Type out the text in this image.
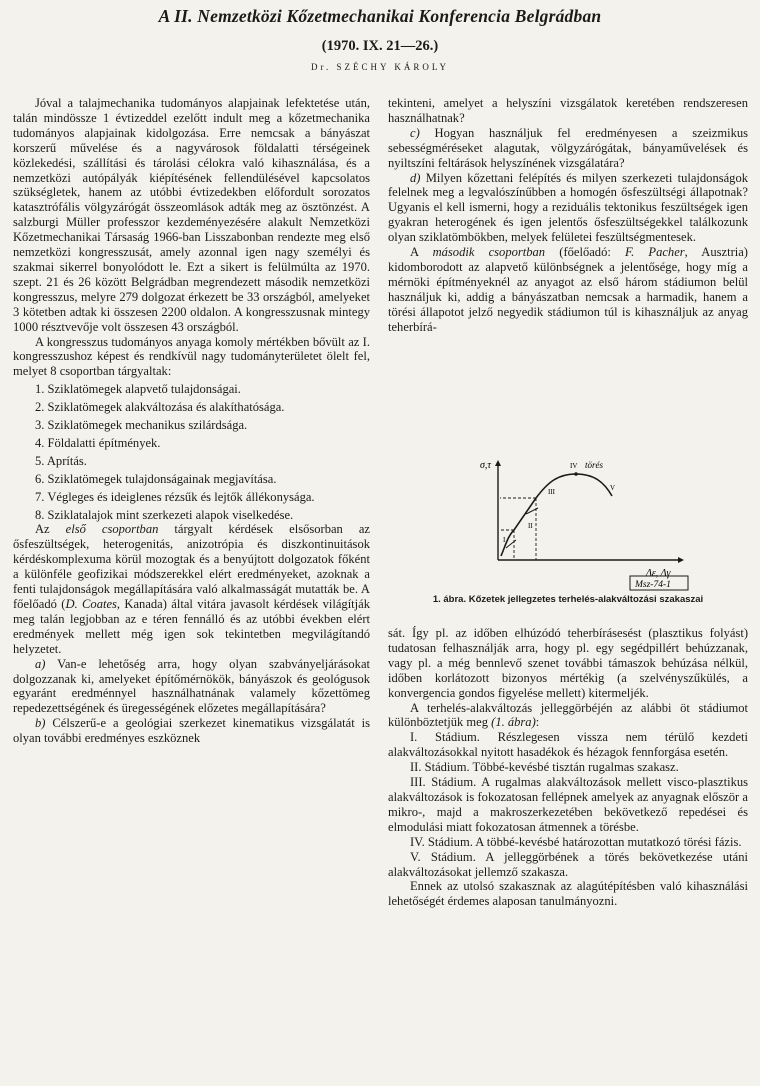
A II. Nemzetközi Kőzetmechanikai Konferencia Belgrádban
(1970. IX. 21—26.)
Dr. SZÉCHY KÁROLY

Jóval a talajmechanika tudományos alapjainak lefektetése után, talán mindössze 1 évtizeddel ezelőtt indult meg a kőzetmechanika tudományos alapjainak kidolgozása. Erre nemcsak a bányászat korszerű művelése és a nagyvárosok földalatti térségeinek közlekedési, szállítási és tárolási célokra való kihasználása, és a nemzetközi autópályák kiépítésének fellendülésével kapcsolatos szükségletek, hanem az utóbbi évtizedekben előfordult sorozatos katasztrófális völgyzárógát összeomlások adták meg az ösztönzést. A salzburgi Müller professzor kezdeményezésére alakult Nemzetközi Kőzetmechanikai Társaság 1966-ban Lisszabonban rendezte meg első nemzetközi kongresszusát, amely azonnal igen nagy személyi és szakmai sikerrel bonyolódott le. Ezt a sikert is felülmúlta az 1970. szept. 21 és 26 között Belgrádban megrendezett második nemzetközi kongresszus, melyre 279 dolgozat érkezett be 33 országból, amelyeket 3 kötetben adtak ki összesen 2200 oldalon. A kongresszusnak mintegy 1000 résztvevője volt összesen 43 országból.

A kongresszus tudományos anyaga komoly mértékben bővült az I. kongresszushoz képest és rendkívül nagy tudományterületet ölelt fel, melyet 8 csoportban tárgyaltak:

1. Sziklatömegek alapvető tulajdonságai.

2. Sziklatömegek alakváltozása és alakíthatósága.

3. Sziklatömegek mechanikus szilárdsága.

4. Földalatti építmények.

5. Aprítás.

6. Sziklatömegek tulajdonságainak megjavítása.

7. Végleges és ideiglenes rézsűk és lejtők állékonysága.

8. Sziklatalajok mint szerkezeti alapok viselkedése.

Az első csoportban tárgyalt kérdések elsősorban az ősfeszültségek, heterogenitás, anizotrópia és diszkontinuitások kérdéskomplexuma körül mozogtak és a benyújtott dolgozatok főként a különféle geofizikai módszerekkel elért eredményeket, azoknak a fenti tulajdonságok megállapítására való alkalmasságát mutatták be. A főelőadó (D. Coates, Kanada) által vitára javasolt kérdések világítják meg talán legjobban az e téren fennálló és az utóbbi években elért eredmények mellett még igen sok tekintetben megvilágítandó helyzetet.

a) Van-e lehetőség arra, hogy olyan szabványeljárásokat dolgozzanak ki, amelyeket építőmérnökök, bányászok és geológusok egyaránt eredménnyel használhatnának valamely kőzettömeg repedezettségének és üregességének előzetes megállapítására?

b) Célszerű-e a geológiai szerkezet kinematikus vizsgálatát is olyan további eredményes eszköznek

tekinteni, amelyet a helyszíni vizsgálatok keretében rendszeresen használhatnak?

c) Hogyan használjuk fel eredményesen a szeizmikus sebességméréseket alagutak, völgyzárógátak, bányaművelések és nyiltszíni feltárások helyszínének vizsgálatára?

d) Milyen kőzettani felépítés és milyen szerkezeti tulajdonságok felelnek meg a legvalószínűbben a homogén ősfeszültségi állapotnak? Ugyanis el kell ismerni, hogy a reziduális tektonikus feszültségek igen gyakran heterogének és igen jelentős ősfeszültségekkel találkozunk olyan sziklatömbökben, melyek felületei feszültségmentesek.

A második csoportban (főelőadó: F. Pacher, Ausztria) kidomborodott az alapvető különbségnek a jelentősége, hogy míg a mérnöki építményeknél az anyagot az első három stádiumon belül használjuk ki, addig a bányászatban nemcsak a harmadik, hanem a törési állapotot jelző negyedik stádiumon túl is kihasználjuk az anyag teherbírá-

σ,τ
Δε, Δγ
törés
I
II
III
IV
V
Msz-74-1
1. ábra. Kőzetek jellegzetes terhelés-alakváltozási szakaszai

sát. Így pl. az időben elhúzódó teherbírásesést (plasztikus folyást) tudatosan felhasználják arra, hogy pl. egy segédpillért behúzzanak, vagy pl. a még bennlevő szenet további támaszok behúzása nélkül, időben korlátozott bizonyos mértékig (a szelvényszűkülés, a konvergencia gondos figyelése mellett) kitermeljék.

A terhelés-alakváltozás jelleggörbéjén az alábbi öt stádiumot különböztetjük meg (1. ábra):

I. Stádium. Részlegesen vissza nem térülő kezdeti alakváltozásokkal nyitott hasadékok és hézagok fennforgása esetén.

II. Stádium. Többé-kevésbé tisztán rugalmas szakasz.

III. Stádium. A rugalmas alakváltozások mellett visco-plasztikus alakváltozások is fokozatosan fellépnek amelyek az anyagnak először a mikro-, majd a makroszerkezetében bekövetkező repedései és elmodulási miatt fokozatosan átmennek a törésbe.

IV. Stádium. A többé-kevésbé határozottan mutatkozó törési fázis.

V. Stádium. A jelleggörbének a törés bekövetkezése utáni alakváltozásokat jellemző szakasza.

Ennek az utolsó szakasznak az alagútépítésben való kihasználási lehetőségét érdemes alaposan tanulmányozni.
